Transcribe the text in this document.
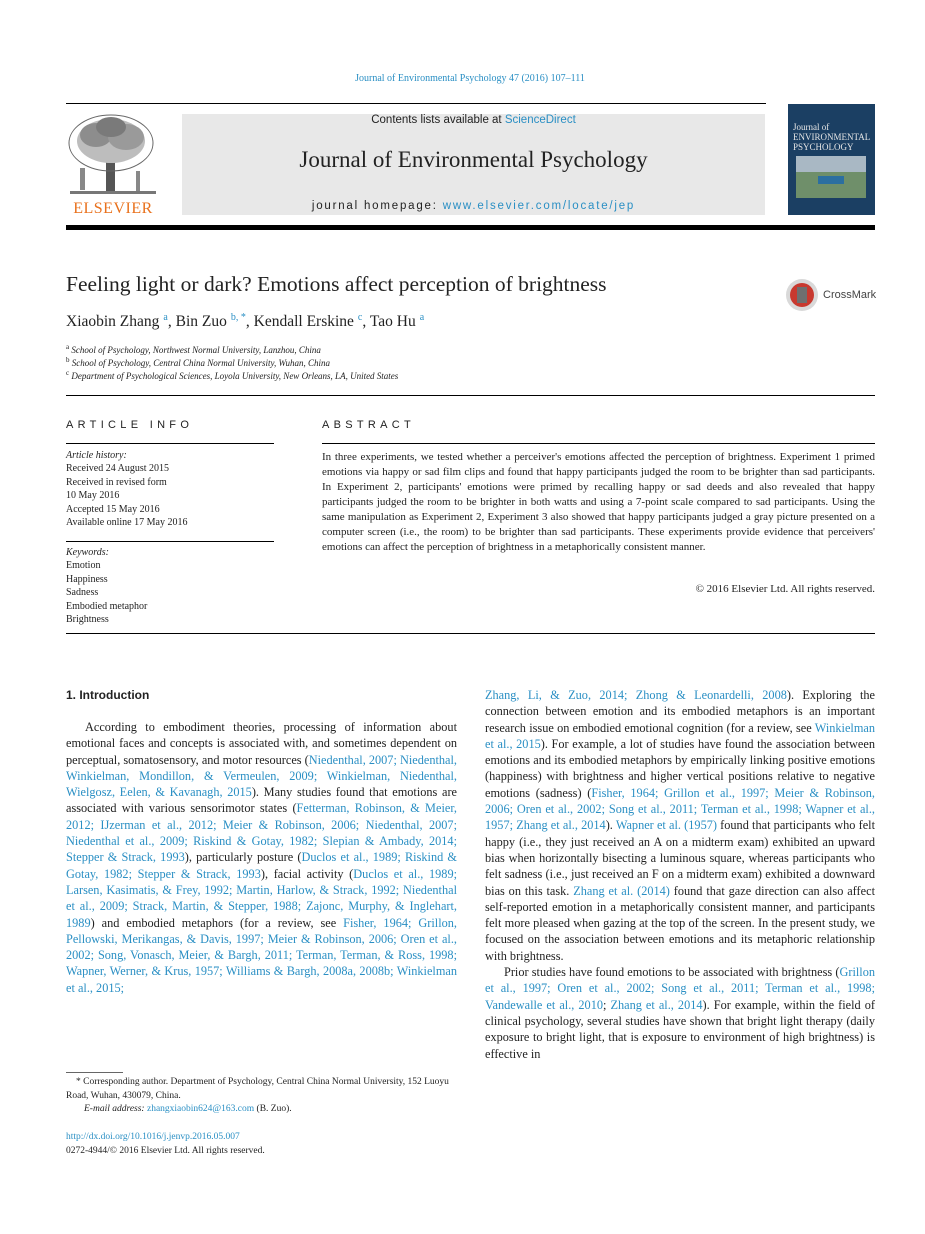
Journal of Environmental Psychology 47 (2016) 107–111
ELSEVIER
Contents lists available at ScienceDirect
Journal of Environmental Psychology
journal homepage: www.elsevier.com/locate/jep
Journal of ENVIRONMENTAL PSYCHOLOGY
Feeling light or dark? Emotions affect perception of brightness	CrossMark
Xiaobin Zhang $^a$, Bin Zuo $^{b, *}$, Kendall Erskine $^c$, Tao Hu $^a$
$^a$ School of Psychology, Northwest Normal University, Lanzhou, China
$^b$ School of Psychology, Central China Normal University, Wuhan, China
$^c$ Department of Psychological Sciences, Loyola University, New Orleans, LA, United States
ARTICLE INFO
Article history:
Received 24 August 2015
Received in revised form
10 May 2016
Accepted 15 May 2016
Available online 17 May 2016
Keywords:
Emotion
Happiness
Sadness
Embodied metaphor
Brightness
ABSTRACT
In three experiments, we tested whether a perceiver's emotions affected the perception of brightness. Experiment 1 primed emotions via happy or sad film clips and found that happy participants judged the room to be brighter than sad participants. In Experiment 2, participants' emotions were primed by recalling happy or sad deeds and also revealed that happy participants judged the room to be brighter in both watts and using a 7-point scale compared to sad participants. Using the same manipulation as Experiment 2, Experiment 3 also showed that happy participants judged a gray picture presented on a computer screen (i.e., the room) to be brighter than sad participants. These experiments provide evidence that perceivers' emotions can affect the perception of brightness in a metaphorically consistent manner.
© 2016 Elsevier Ltd. All rights reserved.
1. Introduction

According to embodiment theories, processing of information about emotional faces and concepts is associated with, and sometimes dependent on perceptual, somatosensory, and motor resources (Niedenthal, 2007; Niedenthal, Winkielman, Mondillon, & Vermeulen, 2009; Winkielman, Niedenthal, Wielgosz, Eelen, & Kavanagh, 2015). Many studies found that emotions are associated with various sensorimotor states (Fetterman, Robinson, & Meier, 2012; IJzerman et al., 2012; Meier & Robinson, 2006; Niedenthal, 2007; Niedenthal et al., 2009; Riskind & Gotay, 1982; Slepian & Ambady, 2014; Stepper & Strack, 1993), particularly posture (Duclos et al., 1989; Riskind & Gotay, 1982; Stepper & Strack, 1993), facial activity (Duclos et al., 1989; Larsen, Kasimatis, & Frey, 1992; Martin, Harlow, & Strack, 1992; Niedenthal et al., 2009; Strack, Martin, & Stepper, 1988; Zajonc, Murphy, & Inglehart, 1989) and embodied metaphors (for a review, see Fisher, 1964; Grillon, Pellowski, Merikangas, & Davis, 1997; Meier & Robinson, 2006; Oren et al., 2002; Song, Vonasch, Meier, & Bargh, 2011; Terman, Terman, & Ross, 1998; Wapner, Werner, & Krus, 1957; Williams & Bargh, 2008a, 2008b; Winkielman et al., 2015;

Zhang, Li, & Zuo, 2014; Zhong & Leonardelli, 2008). Exploring the connection between emotion and its embodied metaphors is an important research issue on embodied emotional cognition (for a review, see Winkielman et al., 2015). For example, a lot of studies have found the association between emotions and its embodied metaphors by empirically linking positive emotions (happiness) with brightness and higher vertical positions relative to negative emotions (sadness) (Fisher, 1964; Grillon et al., 1997; Meier & Robinson, 2006; Oren et al., 2002; Song et al., 2011; Terman et al., 1998; Wapner et al., 1957; Zhang et al., 2014). Wapner et al. (1957) found that participants who felt happy (i.e., they just received an A on a midterm exam) exhibited an upward bias when horizontally bisecting a luminous square, whereas participants who felt sadness (i.e., just received an F on a midterm exam) exhibited a downward bias on this task. Zhang et al. (2014) found that gaze direction can also affect self-reported emotion in a metaphorically consistent manner, and participants felt more pleased when gazing at the top of the screen. In the present study, we focused on the association between emotions and its metaphoric relationship with brightness.

Prior studies have found emotions to be associated with brightness (Grillon et al., 1997; Oren et al., 2002; Song et al., 2011; Terman et al., 1998; Vandewalle et al., 2010; Zhang et al., 2014). For example, within the field of clinical psychology, several studies have shown that bright light therapy (daily exposure to bright light, that is exposure to environment of high brightness) is effective in

* Corresponding author. Department of Psychology, Central China Normal University, 152 Luoyu Road, Wuhan, 430079, China.
E-mail address: zhangxiaobin624@163.com (B. Zuo).
http://dx.doi.org/10.1016/j.jenvp.2016.05.007
0272-4944/© 2016 Elsevier Ltd. All rights reserved.
